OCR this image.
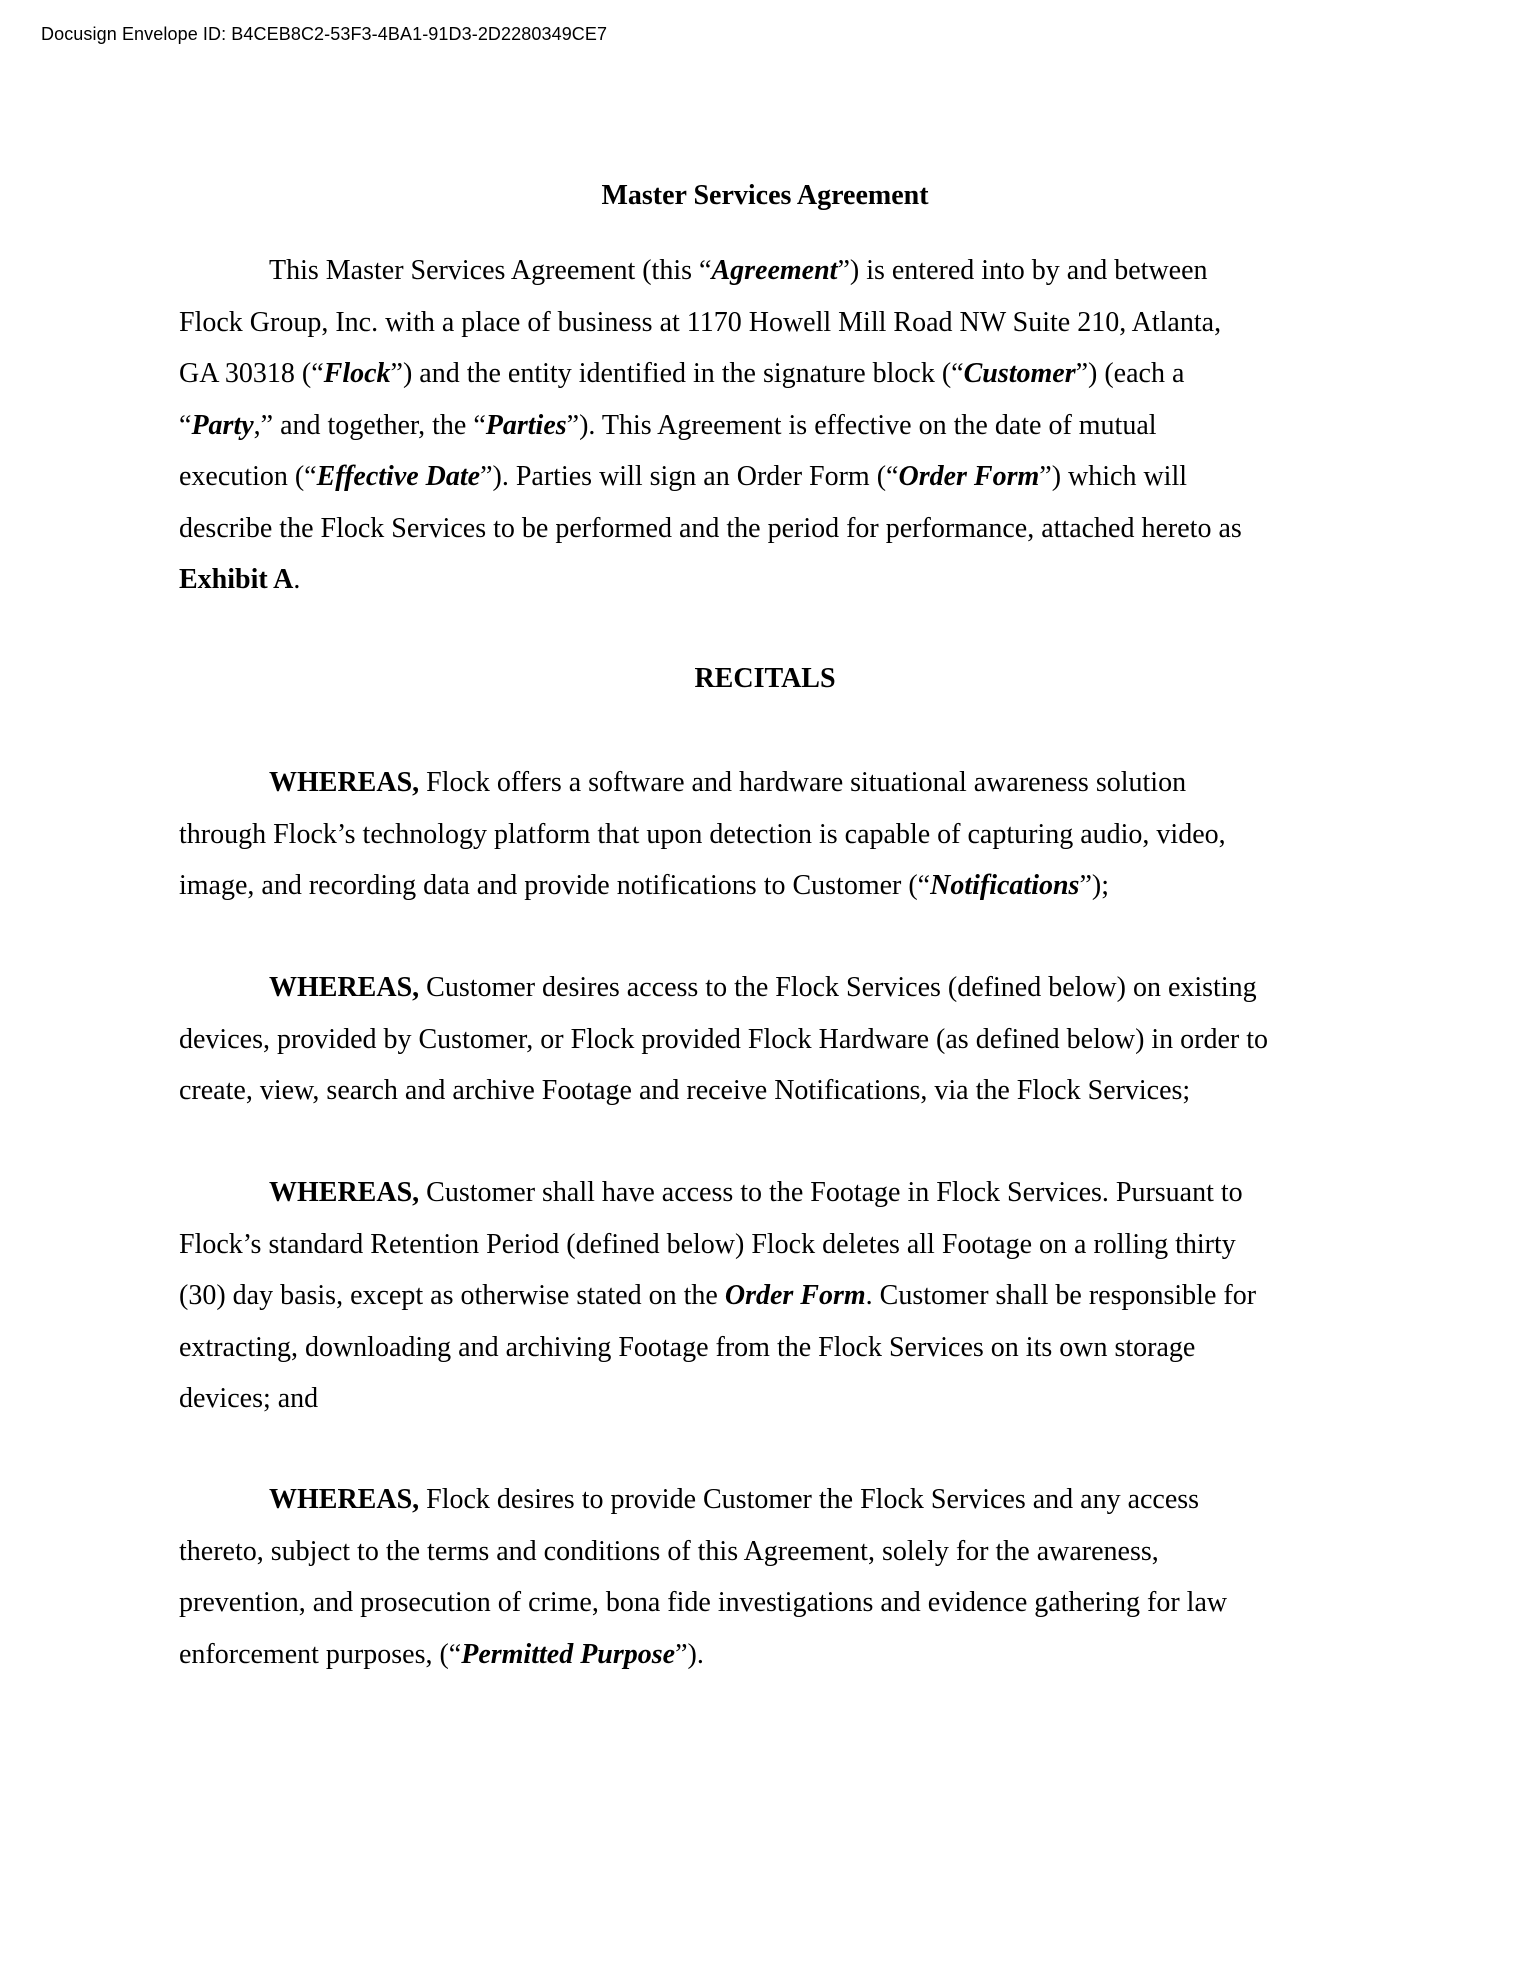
Docusign Envelope ID: B4CEB8C2-53F3-4BA1-91D3-2D2280349CE7
Master Services Agreement
This Master Services Agreement (this “Agreement”) is entered into by and between
Flock Group, Inc. with a place of business at 1170 Howell Mill Road NW Suite 210, Atlanta,
GA 30318 (“Flock”) and the entity identified in the signature block (“Customer”) (each a
“Party,” and together, the “Parties”). This Agreement is effective on the date of mutual
execution (“Effective Date”). Parties will sign an Order Form (“Order Form”) which will
describe the Flock Services to be performed and the period for performance, attached hereto as
Exhibit A.
RECITALS
WHEREAS, Flock offers a software and hardware situational awareness solution
through Flock’s technology platform that upon detection is capable of capturing audio, video,
image, and recording data and provide notifications to Customer (“Notifications”);
WHEREAS, Customer desires access to the Flock Services (defined below) on existing
devices, provided by Customer, or Flock provided Flock Hardware (as defined below) in order to
create, view, search and archive Footage and receive Notifications, via the Flock Services;
WHEREAS, Customer shall have access to the Footage in Flock Services. Pursuant to
Flock’s standard Retention Period (defined below) Flock deletes all Footage on a rolling thirty
(30) day basis, except as otherwise stated on the Order Form. Customer shall be responsible for
extracting, downloading and archiving Footage from the Flock Services on its own storage
devices; and
WHEREAS, Flock desires to provide Customer the Flock Services and any access
thereto, subject to the terms and conditions of this Agreement, solely for the awareness,
prevention, and prosecution of crime, bona fide investigations and evidence gathering for law
enforcement purposes, (“Permitted Purpose”).
